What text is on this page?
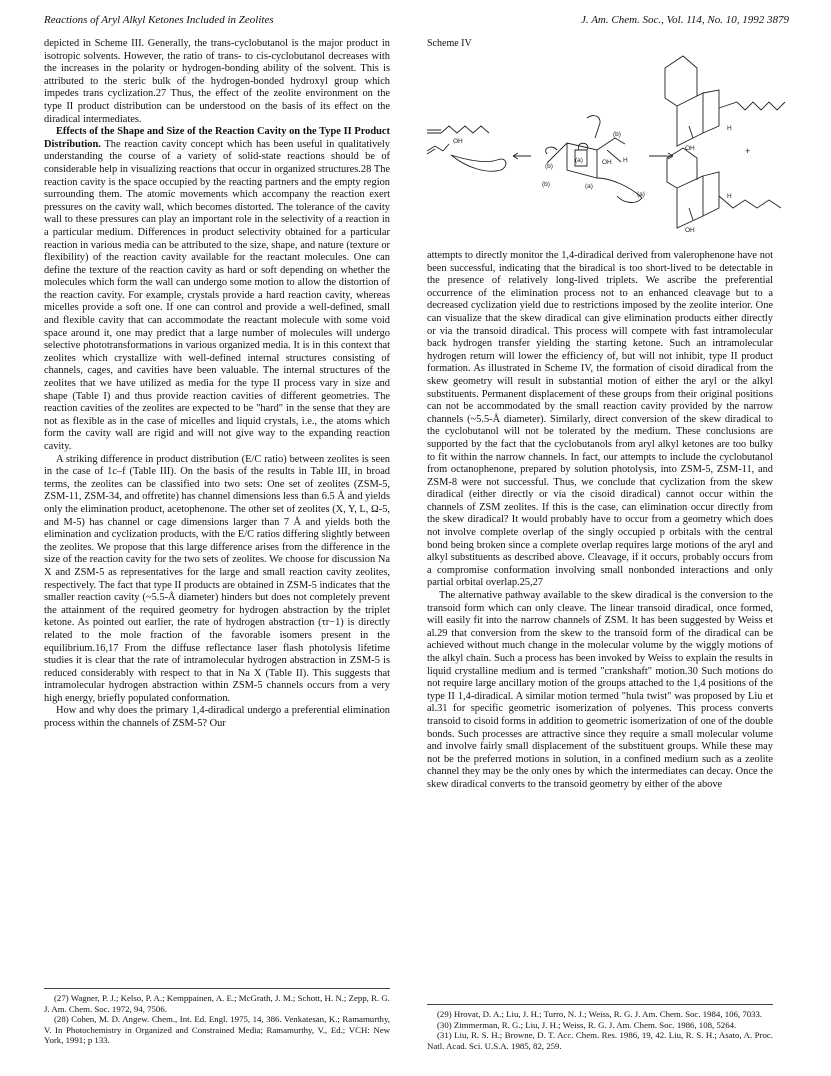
Reactions of Aryl Alkyl Ketones Included in Zeolites	J. Am. Chem. Soc., Vol. 114, No. 10, 1992 3879

depicted in Scheme III. Generally, the trans-cyclobutanol is the major product in isotropic solvents. However, the ratio of trans- to cis-cyclobutanol decreases with the increases in the polarity or hydrogen-bonding ability of the solvent. This is attributed to the steric bulk of the hydrogen-bonded hydroxyl group which impedes trans cyclization.27 Thus, the effect of the zeolite environment on the type II product distribution can be understood on the basis of its effect on the diradical intermediates.

Effects of the Shape and Size of the Reaction Cavity on the Type II Product Distribution. The reaction cavity concept which has been useful in qualitatively understanding the course of a variety of solid-state reactions should be of considerable help in visualizing reactions that occur in organized structures.28 The reaction cavity is the space occupied by the reacting partners and the empty region surrounding them. The atomic movements which accompany the reaction exert pressures on the cavity wall, which becomes distorted. The tolerance of the cavity wall to these pressures can play an important role in the selectivity of a reaction in a particular medium. Differences in product selectivity obtained for a particular reaction in various media can be attributed to the size, shape, and nature (texture or flexibility) of the reaction cavity available for the reactant molecules. One can define the texture of the reaction cavity as hard or soft depending on whether the molecules which form the wall can undergo some motion to allow the distortion of the reaction cavity. For example, crystals provide a hard reaction cavity, whereas micelles provide a soft one. If one can control and provide a well-defined, small and flexible cavity that can accommodate the reactant molecule with some void space around it, one may predict that a large number of molecules will undergo selective phototransformations in various organized media. It is in this context that zeolites which crystallize with well-defined internal structures consisting of channels, cages, and cavities have been valuable. The internal structures of the zeolites that we have utilized as media for the type II process vary in size and shape (Table I) and thus provide reaction cavities of different geometries. The reaction cavities of the zeolites are expected to be "hard" in the sense that they are not as flexible as in the case of micelles and liquid crystals, i.e., the atoms which form the cavity wall are rigid and will not give way to the expanding reaction cavity.

A striking difference in product distribution (E/C ratio) between zeolites is seen in the case of 1c–f (Table III). On the basis of the results in Table III, in broad terms, the zeolites can be classified into two sets: One set of zeolites (ZSM-5, ZSM-11, ZSM-34, and offretite) has channel dimensions less than 6.5 Å and yields only the elimination product, acetophenone. The other set of zeolites (X, Y, L, Ω-5, and M-5) has channel or cage dimensions larger than 7 Å and yields both the elimination and cyclization products, with the E/C ratios differing slightly between the zeolites. We propose that this large difference arises from the difference in the size of the reaction cavity for the two sets of zeolites. We choose for discussion Na X and ZSM-5 as representatives for the large and small reaction cavity zeolites, respectively. The fact that type II products are obtained in ZSM-5 indicates that the smaller reaction cavity (~5.5-Å diameter) hinders but does not completely prevent the attainment of the required geometry for hydrogen abstraction by the triplet ketone. As pointed out earlier, the rate of hydrogen abstraction (τr−1) is directly related to the mole fraction of the favorable isomers present in the equilibrium.16,17 From the diffuse reflectance laser flash photolysis lifetime studies it is clear that the rate of intramolecular hydrogen abstraction in ZSM-5 is reduced considerably with respect to that in Na X (Table II). This suggests that intramolecular hydrogen abstraction within ZSM-5 channels occurs from a very high energy, briefly populated conformation.

How and why does the primary 1,4-diradical undergo a preferential elimination process within the channels of ZSM-5? Our

Scheme IV
OH
(b)
(a)
(b)
OH H
(a)
(b)	(a)
OH
H
OH
H
+

attempts to directly monitor the 1,4-diradical derived from valerophenone have not been successful, indicating that the biradical is too short-lived to be detectable in the presence of relatively long-lived triplets. We ascribe the preferential occurrence of the elimination process not to an enhanced cleavage but to a decreased cyclization yield due to restrictions imposed by the zeolite interior. One can visualize that the skew diradical can give elimination products either directly or via the transoid diradical. This process will compete with fast intramolecular back hydrogen transfer yielding the starting ketone. Such an intramolecular hydrogen return will lower the efficiency of, but will not inhibit, type II product formation. As illustrated in Scheme IV, the formation of cisoid diradical from the skew geometry will result in substantial motion of either the aryl or the alkyl substituents. Permanent displacement of these groups from their original positions can not be accommodated by the small reaction cavity provided by the narrow channels (~5.5-Å diameter). Similarly, direct conversion of the skew diradical to the cyclobutanol will not be tolerated by the medium. These conclusions are supported by the fact that the cyclobutanols from aryl alkyl ketones are too bulky to fit within the narrow channels. In fact, our attempts to include the cyclobutanol from octanophenone, prepared by solution photolysis, into ZSM-5, ZSM-11, and ZSM-8 were not successful. Thus, we conclude that cyclization from the skew diradical (either directly or via the cisoid diradical) cannot occur within the channels of ZSM zeolites. If this is the case, can elimination occur directly from the skew diradical? It would probably have to occur from a geometry which does not involve complete overlap of the singly occupied p orbitals with the central bond being broken since a complete overlap requires large motions of the aryl and alkyl substituents as described above. Cleavage, if it occurs, probably occurs from a compromise conformation involving small nonbonded interactions and only partial orbital overlap.25,27

The alternative pathway available to the skew diradical is the conversion to the transoid form which can only cleave. The linear transoid diradical, once formed, will easily fit into the narrow channels of ZSM. It has been suggested by Weiss et al.29 that conversion from the skew to the transoid form of the diradical can be achieved without much change in the molecular volume by the wiggly motions of the alkyl chain. Such a process has been invoked by Weiss to explain the results in liquid crystalline medium and is termed "crankshaft" motion.30 Such motions do not require large ancillary motion of the groups attached to the 1,4 positions of the type II 1,4-diradical. A similar motion termed "hula twist" was proposed by Liu et al.31 for specific geometric isomerization of polyenes. This process converts transoid to cisoid forms in addition to geometric isomerization of one of the double bonds. Such processes are attractive since they require a small molecular volume and involve fairly small displacement of the substituent groups. While these may not be the preferred motions in solution, in a confined medium such as a zeolite channel they may be the only ones by which the intermediates can decay. Once the skew diradical converts to the transoid geometry by either of the above

(27) Wagner, P. J.; Kelso, P. A.; Kemppainen, A. E.; McGrath, J. M.; Schott, H. N.; Zepp, R. G. J. Am. Chem. Soc. 1972, 94, 7506.
(28) Cohen, M. D. Angew. Chem., Int. Ed. Engl. 1975, 14, 386. Venkatesan, K.; Ramamurthy, V. In Photochemistry in Organized and Constrained Media; Ramamurthy, V., Ed.; VCH: New York, 1991; p 133.
(29) Hrovat, D. A.; Liu, J. H.; Turro, N. J.; Weiss, R. G. J. Am. Chem. Soc. 1984, 106, 7033.
(30) Zimmerman, R. G.; Liu, J. H.; Weiss, R. G. J. Am. Chem. Soc. 1986, 108, 5264.
(31) Liu, R. S. H.; Browne, D. T. Acc. Chem. Res. 1986, 19, 42. Liu, R. S. H.; Asato, A. Proc. Natl. Acad. Sci. U.S.A. 1985, 82, 259.
